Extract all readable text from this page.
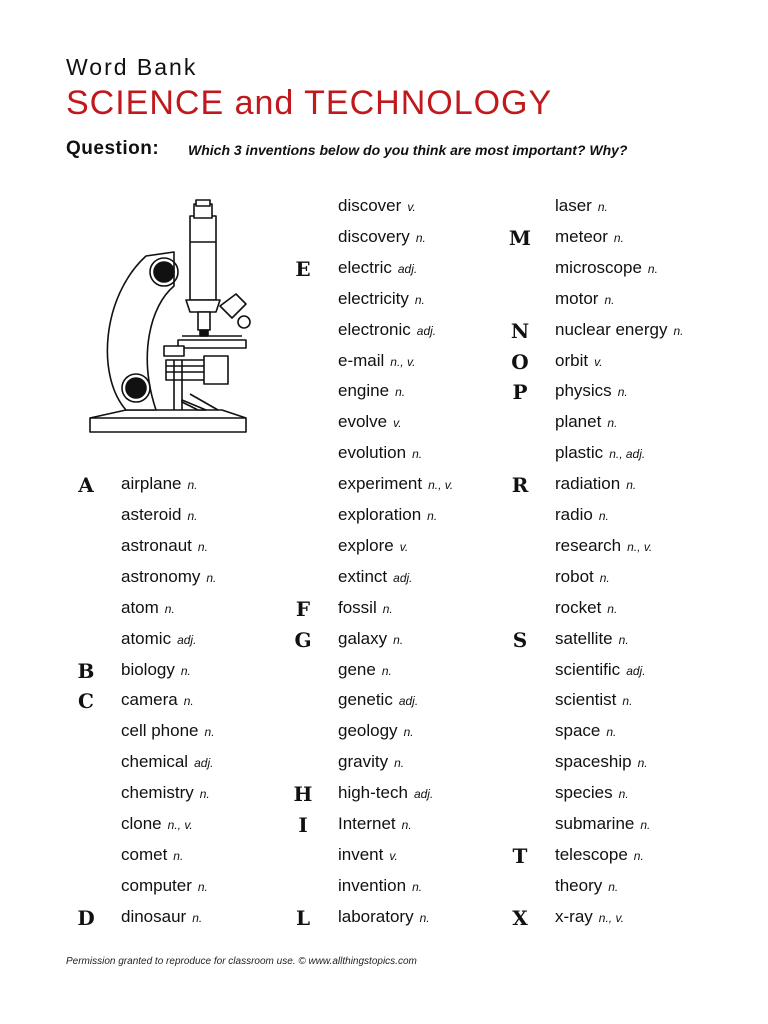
Word Bank
SCIENCE and TECHNOLOGY
Question: Which 3 inventions below do you think are most important? Why?
airplane n.
asteroid n.
astronaut n.
astronomy n.
atom n.
atomic adj.
biology n.
camera n.
cell phone n.
chemical adj.
chemistry n.
clone n., v.
comet n.
computer n.
dinosaur n.
A
B
C
D
discover v.
discovery n.
electric adj.
electricity n.
electronic adj.
e-mail n., v.
engine n.
evolve v.
evolution n.
experiment n., v.
exploration n.
explore v.
extinct adj.
fossil n.
galaxy n.
gene n.
genetic adj.
geology n.
gravity n.
high-tech adj.
Internet n.
invent v.
invention n.
laboratory n.
E
F
G
H
I
L
laser n.
meteor n.
microscope n.
motor n.
nuclear energy n.
orbit v.
physics n.
planet n.
plastic n., adj.
radiation n.
radio n.
research n., v.
robot n.
rocket n.
satellite n.
scientific adj.
scientist n.
space n.
spaceship n.
species n.
submarine n.
telescope n.
theory n.
x-ray n., v.
M
N
O
P
R
S
T
X
Permission granted to reproduce for classroom use. © www.allthingstopics.com
